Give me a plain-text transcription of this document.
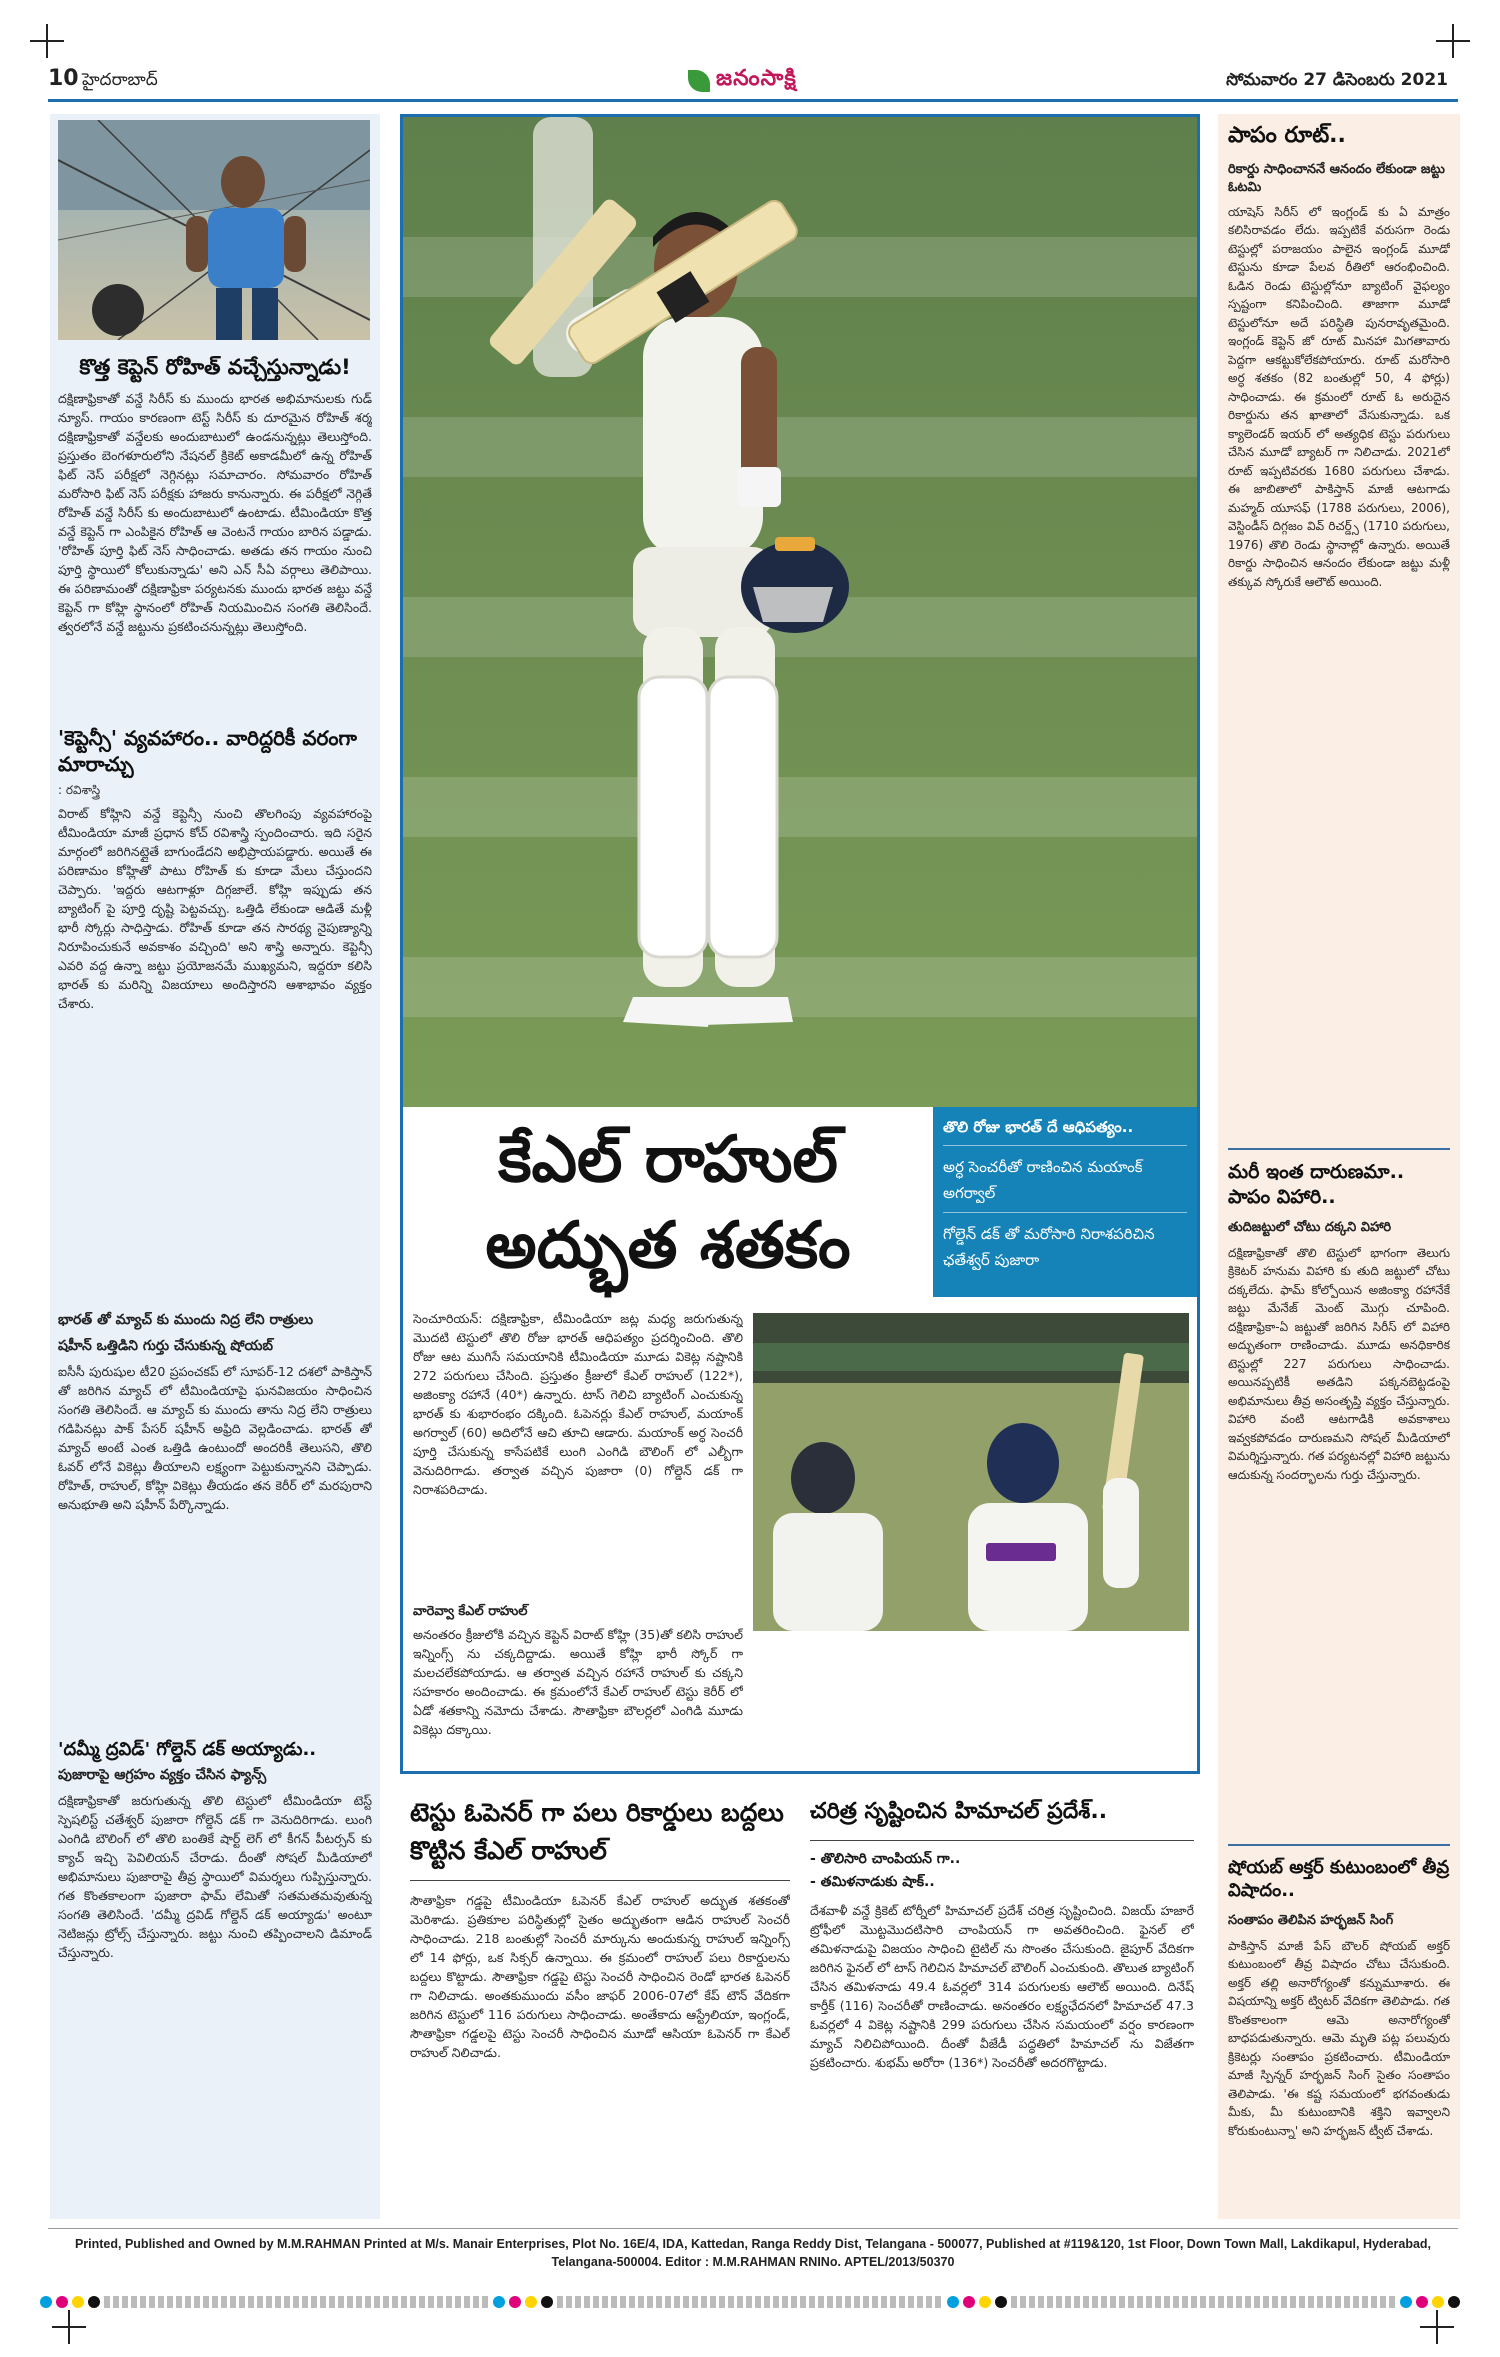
10 హైదరాబాద్	జనంసాక్షి	సోమవారం 27 డిసెంబరు 2021
కొత్త కెప్టెన్ రోహిత్ వచ్చేస్తున్నాడు!

దక్షిణాఫ్రికాతో వన్డే సిరీస్ కు ముందు భారత అభిమానులకు గుడ్ న్యూస్. గాయం కారణంగా టెస్ట్ సిరీస్ కు దూరమైన రోహిత్ శర్మ దక్షిణాఫ్రికాతో వన్డేలకు అందుబాటులో ఉండనున్నట్లు తెలుస్తోంది. ప్రస్తుతం బెంగళూరులోని నేషనల్ క్రికెట్ అకాడమీలో ఉన్న రోహిత్ ఫిట్ నెస్ పరీక్షలో నెగ్గినట్లు సమాచారం. సోమవారం రోహిత్ మరోసారి ఫిట్ నెస్ పరీక్షకు హాజరు కానున్నారు. ఈ పరీక్షలో నెగ్గితే రోహిత్ వన్డే సిరీస్ కు అందుబాటులో ఉంటాడు. టీమిండియా కొత్త వన్డే కెప్టెన్ గా ఎంపికైన రోహిత్ ఆ వెంటనే గాయం బారిన పడ్డాడు. 'రోహిత్ పూర్తి ఫిట్ నెస్ సాధించాడు. అతడు తన గాయం నుంచి పూర్తి స్థాయిలో కోలుకున్నాడు' అని ఎన్ సీఏ వర్గాలు తెలిపాయి. ఈ పరిణామంతో దక్షిణాఫ్రికా పర్యటనకు ముందు భారత జట్టు వన్డే కెప్టెన్ గా కోహ్లి స్థానంలో రోహిత్ నియమించిన సంగతి తెలిసిందే. త్వరలోనే వన్డే జట్టును ప్రకటించనున్నట్లు తెలుస్తోంది.

'కెప్టెన్సీ' వ్యవహారం.. వారిద్దరికీ వరంగా మారాచ్చు
: రవిశాస్త్రి

విరాట్ కోహ్లిని వన్డే కెప్టెన్సీ నుంచి తొలగింపు వ్యవహారంపై టీమిండియా మాజీ ప్రధాన కోచ్ రవిశాస్త్రి స్పందించారు. ఇది సరైన మార్గంలో జరిగినట్లైతే బాగుండేదని అభిప్రాయపడ్డారు. అయితే ఈ పరిణామం కోహ్లితో పాటు రోహిత్ కు కూడా మేలు చేస్తుందని చెప్పారు. 'ఇద్దరు ఆటగాళ్లూ దిగ్గజాలే. కోహ్లి ఇప్పుడు తన బ్యాటింగ్ పై పూర్తి దృష్టి పెట్టవచ్చు. ఒత్తిడి లేకుండా ఆడితే మళ్లీ భారీ స్కోర్లు సాధిస్తాడు. రోహిత్ కూడా తన సారథ్య నైపుణ్యాన్ని నిరూపించుకునే అవకాశం వచ్చింది' అని శాస్త్రి అన్నారు. కెప్టెన్సీ ఎవరి వద్ద ఉన్నా జట్టు ప్రయోజనమే ముఖ్యమని, ఇద్దరూ కలిసి భారత్ కు మరిన్ని విజయాలు అందిస్తారని ఆశాభావం వ్యక్తం చేశారు.

భారత్ తో మ్యాచ్ కు ముందు నిద్ర లేని రాత్రులు
షహీన్ ఒత్తిడిని గుర్తు చేసుకున్న షోయబ్

ఐసీసీ పురుషుల టీ20 ప్రపంచకప్ లో సూపర్-12 దశలో పాకిస్తాన్ తో జరిగిన మ్యాచ్ లో టీమిండియాపై ఘనవిజయం సాధించిన సంగతి తెలిసిందే. ఆ మ్యాచ్ కు ముందు తాను నిద్ర లేని రాత్రులు గడిపినట్లు పాక్ పేసర్ షహీన్ అఫ్రిది వెల్లడించాడు. భారత్ తో మ్యాచ్ అంటే ఎంత ఒత్తిడి ఉంటుందో అందరికీ తెలుసని, తొలి ఓవర్ లోనే వికెట్లు తీయాలని లక్ష్యంగా పెట్టుకున్నానని చెప్పాడు. రోహిత్, రాహుల్, కోహ్లి వికెట్లు తీయడం తన కెరీర్ లో మరపురాని అనుభూతి అని షహీన్ పేర్కొన్నాడు.

'దమ్మీ ద్రవిడ్' గోల్డెన్ డక్ అయ్యాడు..
పుజారాపై ఆగ్రహం వ్యక్తం చేసిన ఫ్యాన్స్

దక్షిణాఫ్రికాతో జరుగుతున్న తొలి టెస్టులో టీమిండియా టెస్ట్ స్పెషలిస్ట్ చతేశ్వర్ పుజారా గోల్డెన్ డక్ గా వెనుదిరిగాడు. లుంగి ఎంగిడి బౌలింగ్ లో తొలి బంతికే షార్ట్ లెగ్ లో కీగన్ పీటర్సన్ కు క్యాచ్ ఇచ్చి పెవిలియన్ చేరాడు. దీంతో సోషల్ మీడియాలో అభిమానులు పుజారాపై తీవ్ర స్థాయిలో విమర్శలు గుప్పిస్తున్నారు. గత కొంతకాలంగా పుజారా ఫామ్ లేమితో సతమతమవుతున్న సంగతి తెలిసిందే. 'దమ్మీ ద్రవిడ్ గోల్డెన్ డక్ అయ్యాడు' అంటూ నెటిజన్లు ట్రోల్స్ చేస్తున్నారు. జట్టు నుంచి తప్పించాలని డిమాండ్ చేస్తున్నారు.

కేఎల్ రాహుల్
అద్భుత శతకం
తొలి రోజు భారత్ దే ఆధిపత్యం..
అర్ధ సెంచరీతో రాణించిన మయాంక్ అగర్వాల్
గోల్డెన్ డక్ తో మరోసారి నిరాశపరిచిన ఛతేశ్వర్ పుజారా

సెంచూరియన్: దక్షిణాఫ్రికా, టీమిండియా జట్ల మధ్య జరుగుతున్న మొదటి టెస్టులో తొలి రోజు భారత్ ఆధిపత్యం ప్రదర్శించింది. తొలి రోజు ఆట ముగిసే సమయానికి టీమిండియా మూడు వికెట్ల నష్టానికి 272 పరుగులు చేసింది. ప్రస్తుతం క్రీజులో కేఎల్ రాహుల్ (122*), అజింక్యా రహానే (40*) ఉన్నారు. టాస్ గెలిచి బ్యాటింగ్ ఎంచుకున్న భారత్ కు శుభారంభం దక్కింది. ఓపెనర్లు కేఎల్ రాహుల్, మయాంక్ అగర్వాల్ (60) అదిలోనే ఆచి తూచి ఆడారు. మయాంక్ అర్ధ సెంచరీ పూర్తి చేసుకున్న కాసేపటికే లుంగి ఎంగిడి బౌలింగ్ లో ఎల్బీగా వెనుదిరిగాడు. తర్వాత వచ్చిన పుజారా (0) గోల్డెన్ డక్ గా నిరాశపరిచాడు.

వారెవ్వా కేఎల్ రాహుల్

అనంతరం క్రీజులోకి వచ్చిన కెప్టెన్ విరాట్ కోహ్లి (35)తో కలిసి రాహుల్ ఇన్నింగ్స్ ను చక్కదిద్దాడు. అయితే కోహ్లి భారీ స్కోర్ గా మలచలేకపోయాడు. ఆ తర్వాత వచ్చిన రహానే రాహుల్ కు చక్కని సహకారం అందించాడు. ఈ క్రమంలోనే కేఎల్ రాహుల్ టెస్టు కెరీర్ లో ఏడో శతకాన్ని నమోదు చేశాడు. సౌతాఫ్రికా బౌలర్లలో ఎంగిడి మూడు వికెట్లు దక్కాయి.

టెస్టు ఓపెనర్ గా పలు రికార్డులు బద్దలు కొట్టిన కేఎల్ రాహుల్

సౌతాఫ్రికా గడ్డపై టీమిండియా ఓపెనర్ కేఎల్ రాహుల్ అద్భుత శతకంతో మెరిశాడు. ప్రతికూల పరిస్థితుల్లో సైతం అద్భుతంగా ఆడిన రాహుల్ సెంచరీ సాధించాడు. 218 బంతుల్లో సెంచరీ మార్కును అందుకున్న రాహుల్ ఇన్నింగ్స్ లో 14 ఫోర్లు, ఒక సిక్సర్ ఉన్నాయి. ఈ క్రమంలో రాహుల్ పలు రికార్డులను బద్దలు కొట్టాడు. సౌతాఫ్రికా గడ్డపై టెస్టు సెంచరీ సాధించిన రెండో భారత ఓపెనర్ గా నిలిచాడు. అంతకుముందు వసీం జాఫర్ 2006-07లో కేప్ టౌన్ వేదికగా జరిగిన టెస్టులో 116 పరుగులు సాధించాడు. అంతేకాదు ఆస్ట్రేలియా, ఇంగ్లండ్, సౌతాఫ్రికా గడ్డలపై టెస్టు సెంచరీ సాధించిన మూడో ఆసియా ఓపెనర్ గా కేఎల్ రాహుల్ నిలిచాడు.

చరిత్ర సృష్టించిన హిమాచల్ ప్రదేశ్..
- తొలిసారి చాంపియన్ గా..
- తమిళనాడుకు షాక్..

దేశవాళీ వన్డే క్రికెట్ టోర్నీలో హిమాచల్ ప్రదేశ్ చరిత్ర సృష్టించింది. విజయ్ హజారే ట్రోఫీలో మొట్టమొదటిసారి చాంపియన్ గా అవతరించింది. ఫైనల్ లో తమిళనాడుపై విజయం సాధించి టైటిల్ ను సొంతం చేసుకుంది. జైపూర్ వేదికగా జరిగిన ఫైనల్ లో టాస్ గెలిచిన హిమాచల్ బౌలింగ్ ఎంచుకుంది. తొలుత బ్యాటింగ్ చేసిన తమిళనాడు 49.4 ఓవర్లలో 314 పరుగులకు ఆలౌట్ అయింది. దినేష్ కార్తీక్ (116) సెంచరీతో రాణించాడు. అనంతరం లక్ష్యఛేదనలో హిమాచల్ 47.3 ఓవర్లలో 4 వికెట్ల నష్టానికి 299 పరుగులు చేసిన సమయంలో వర్షం కారణంగా మ్యాచ్ నిలిచిపోయింది. దీంతో వీజేడీ పద్ధతిలో హిమాచల్ ను విజేతగా ప్రకటించారు. శుభమ్ అరోరా (136*) సెంచరీతో అదరగొట్టాడు.

పాపం రూట్..
రికార్డు సాధించాననే ఆనందం లేకుండా జట్టు ఓటమి

యాషెస్ సిరీస్ లో ఇంగ్లండ్ కు ఏ మాత్రం కలిసిరావడం లేదు. ఇప్పటికే వరుసగా రెండు టెస్టుల్లో పరాజయం పాలైన ఇంగ్లండ్ మూడో టెస్టును కూడా పేలవ రీతిలో ఆరంభించింది. ఓడిన రెండు టెస్టుల్లోనూ బ్యాటింగ్ వైఫల్యం స్పష్టంగా కనిపించింది. తాజాగా మూడో టెస్టులోనూ అదే పరిస్థితి పునరావృతమైంది. ఇంగ్లండ్ కెప్టెన్ జో రూట్ మినహా మిగతావారు పెద్దగా ఆకట్టుకోలేకపోయారు. రూట్ మరోసారి అర్ధ శతకం (82 బంతుల్లో 50, 4 ఫోర్లు) సాధించాడు. ఈ క్రమంలో రూట్ ఓ అరుదైన రికార్డును తన ఖాతాలో వేసుకున్నాడు. ఒక క్యాలెండర్ ఇయర్ లో అత్యధిక టెస్టు పరుగులు చేసిన మూడో బ్యాటర్ గా నిలిచాడు. 2021లో రూట్ ఇప్పటివరకు 1680 పరుగులు చేశాడు. ఈ జాబితాలో పాకిస్తాన్ మాజీ ఆటగాడు మహ్మద్ యూసఫ్ (1788 పరుగులు, 2006), వెస్టిండీస్ దిగ్గజం వివ్ రిచర్డ్స్ (1710 పరుగులు, 1976) తొలి రెండు స్థానాల్లో ఉన్నారు. అయితే రికార్డు సాధించిన ఆనందం లేకుండా జట్టు మళ్లీ తక్కువ స్కోరుకే ఆలౌట్ అయింది.

మరీ ఇంత దారుణమా.. పాపం విహారి..
తుదిజట్టులో చోటు దక్కని విహారి

దక్షిణాఫ్రికాతో తొలి టెస్టులో భాగంగా తెలుగు క్రికెటర్ హనుమ విహారి కు తుది జట్టులో చోటు దక్కలేదు. ఫామ్ కోల్పోయిన అజింక్యా రహానేకే జట్టు మేనేజ్ మెంట్ మొగ్గు చూపింది. దక్షిణాఫ్రికా-ఏ జట్టుతో జరిగిన సిరీస్ లో విహారి అద్భుతంగా రాణించాడు. మూడు అనధికారిక టెస్టుల్లో 227 పరుగులు సాధించాడు. అయినప్పటికీ అతడిని పక్కనబెట్టడంపై అభిమానులు తీవ్ర అసంతృప్తి వ్యక్తం చేస్తున్నారు. విహారి వంటి ఆటగాడికి అవకాశాలు ఇవ్వకపోవడం దారుణమని సోషల్ మీడియాలో విమర్శిస్తున్నారు. గత పర్యటనల్లో విహారి జట్టును ఆదుకున్న సందర్భాలను గుర్తు చేస్తున్నారు.

షోయబ్ అక్తర్ కుటుంబంలో తీవ్ర విషాదం..
సంతాపం తెలిపిన హర్భజన్ సింగ్

పాకిస్తాన్ మాజీ పేస్ బౌలర్ షోయబ్ అక్తర్ కుటుంబంలో తీవ్ర విషాదం చోటు చేసుకుంది. అక్తర్ తల్లి అనారోగ్యంతో కన్నుమూశారు. ఈ విషయాన్ని అక్తర్ ట్విటర్ వేదికగా తెలిపాడు. గత కొంతకాలంగా ఆమె అనారోగ్యంతో బాధపడుతున్నారు. ఆమె మృతి పట్ల పలువురు క్రికెటర్లు సంతాపం ప్రకటించారు. టీమిండియా మాజీ స్పిన్నర్ హర్భజన్ సింగ్ సైతం సంతాపం తెలిపాడు. 'ఈ కష్ట సమయంలో భగవంతుడు మీకు, మీ కుటుంబానికి శక్తిని ఇవ్వాలని కోరుకుంటున్నా' అని హర్భజన్ ట్వీట్ చేశాడు.

Printed, Published and Owned by M.M.RAHMAN Printed at M/s. Manair Enterprises, Plot No. 16E/4, IDA, Kattedan, Ranga Reddy Dist, Telangana - 500077, Published at #119&120, 1st Floor, Down Town Mall, Lakdikapul, Hyderabad,
Telangana-500004. Editor : M.M.RAHMAN RNINo. APTEL/2013/50370
